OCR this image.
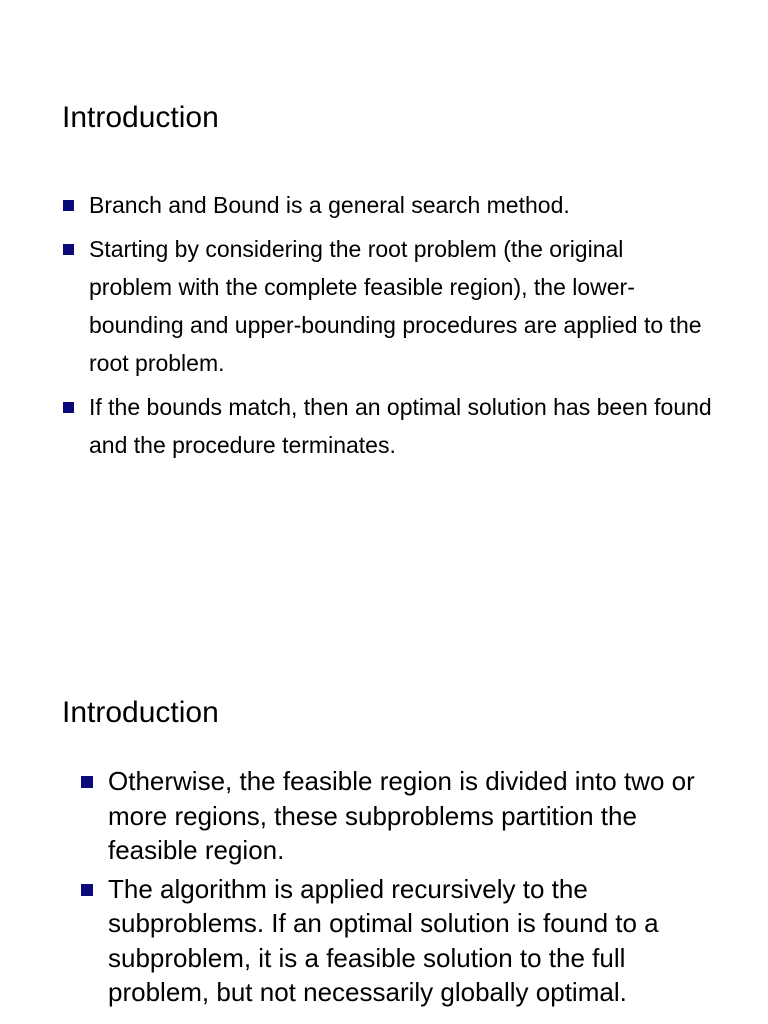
Introduction
Branch and Bound is a general search method.
Starting by considering the root problem (the original problem with the complete feasible region), the lower-bounding and upper-bounding procedures are applied to the root problem.
If the bounds match, then an optimal solution has been found and the procedure terminates.
Introduction
Otherwise, the feasible region is divided into two or more regions, these subproblems partition the feasible region.
The algorithm is applied recursively to the subproblems. If an optimal solution is found to a subproblem, it is a feasible solution to the full problem, but not necessarily globally optimal.
